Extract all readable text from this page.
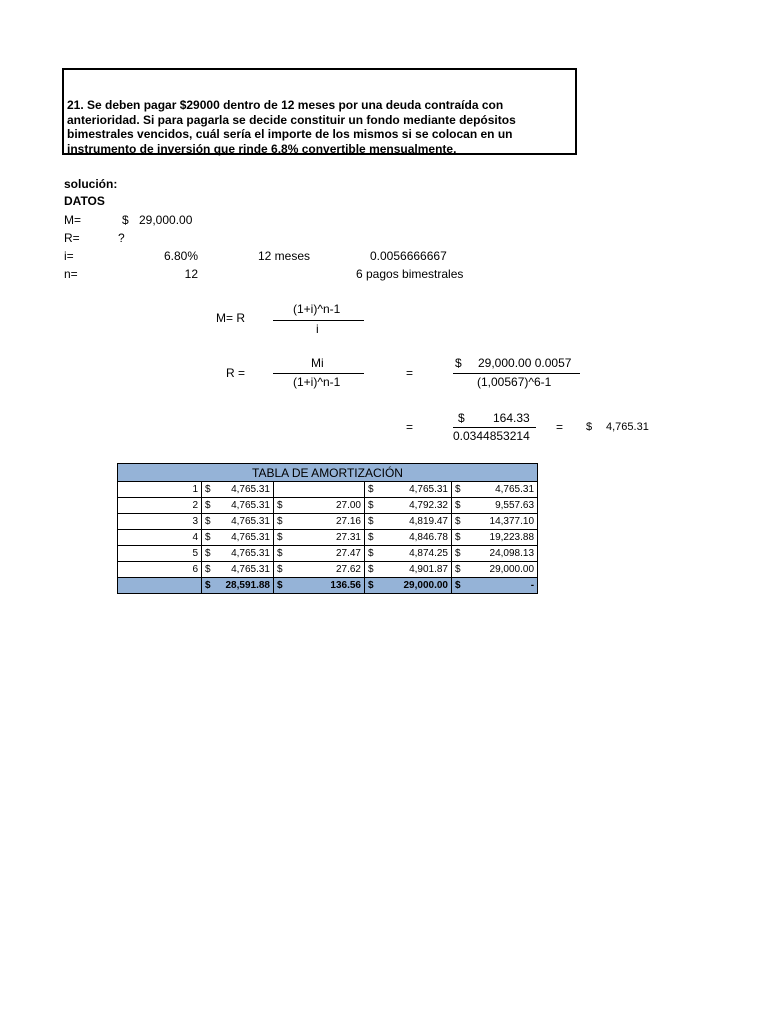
21. Se deben pagar $29000 dentro de 12 meses por una deuda contraída con anterioridad. Si para pagarla se decide constituir un fondo mediante depósitos bimestrales vencidos, cuál sería el importe de los mismos si se colocan en un instrumento de inversión que rinde 6,8% convertible mensualmente.
solución:
DATOS
M=	$ 29,000.00
R=	?
i=	6.80%	12 meses	0.0056666667
n=	12	6 pagos bimestrales
M= R
(1+i)^n-1
i
R =
Mi
(1+i)^n-1
=
$ 29,000.00 0.0057
(1,00567)^6-1
=
$ 164.33
0.0344853214
= $ 4,765.31
TABLA DE AMORTIZACIÓN				
1	$ 4,765.31		$ 4,765.31	$ 4,765.31

2	$ 4,765.31	$ 27.00	$ 4,792.32	$ 9,557.63

3	$ 4,765.31	$ 27.16	$ 4,819.47	$ 14,377.10

4	$ 4,765.31	$ 27.31	$ 4,846.78	$ 19,223.88

5	$ 4,765.31	$ 27.47	$ 4,874.25	$ 24,098.13

6	$ 4,765.31	$ 27.62	$ 4,901.87	$ 29,000.00

	$ 28,591.88	$ 136.56	$ 29,000.00	$ -
